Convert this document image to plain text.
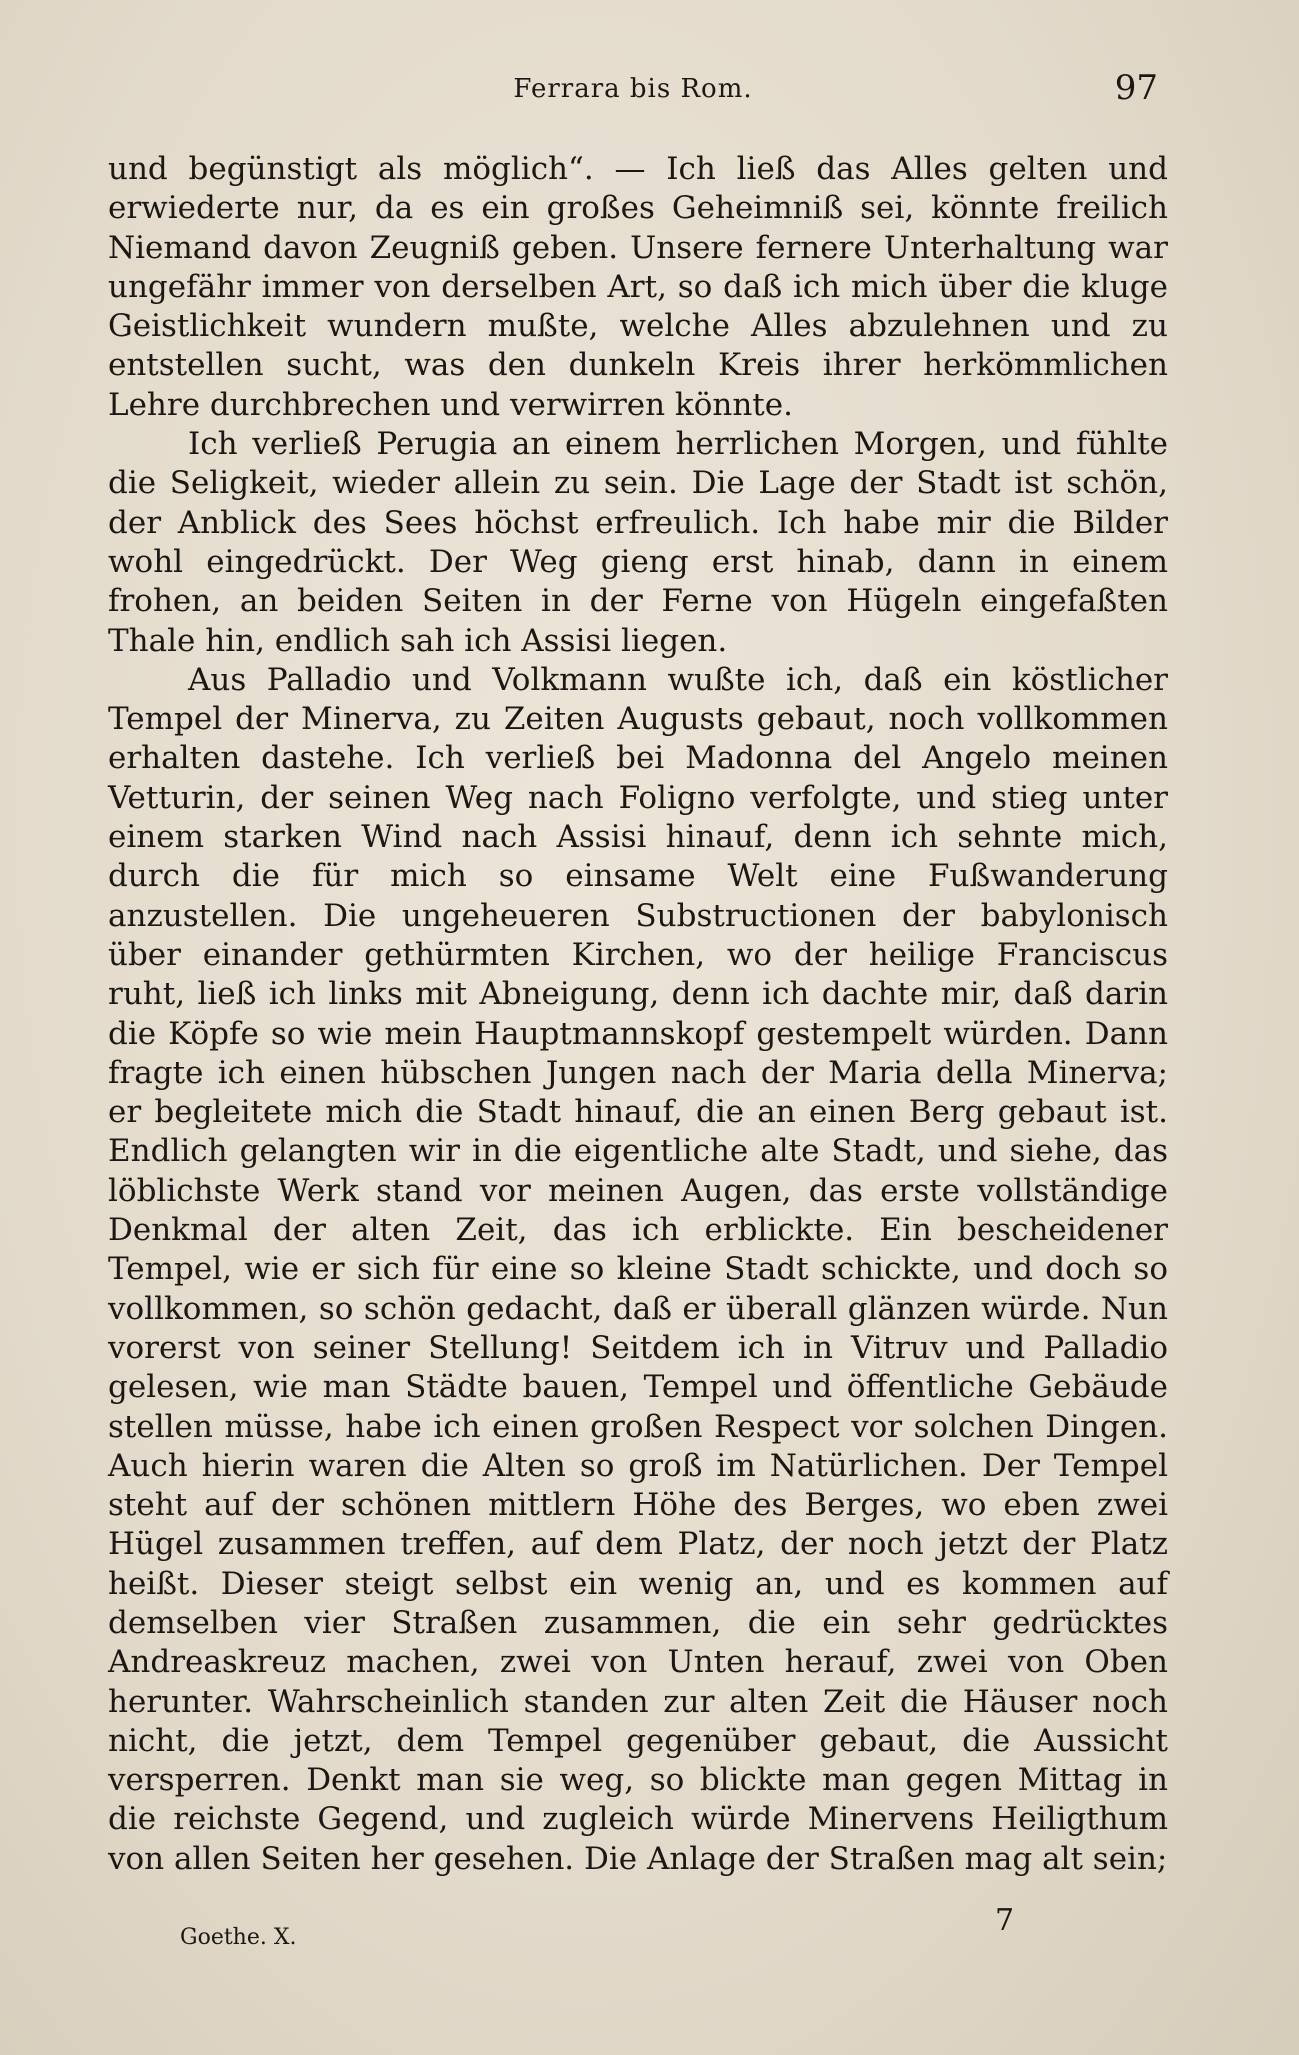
Ferrara bis Rom.	97

und begünstigt als möglich“. — Ich ließ das Alles gelten und erwiederte nur, da es ein großes Geheimniß sei, könnte freilich Niemand davon Zeugniß geben. Unsere fernere Unterhaltung war ungefähr immer von derselben Art, so daß ich mich über die kluge Geistlichkeit wundern mußte, welche Alles abzulehnen und zu entstellen sucht, was den dunkeln Kreis ihrer herkömmlichen Lehre durchbrechen und verwirren könnte.

Ich verließ Perugia an einem herrlichen Morgen, und fühlte die Seligkeit, wieder allein zu sein. Die Lage der Stadt ist schön, der Anblick des Sees höchst erfreulich. Ich habe mir die Bilder wohl eingedrückt. Der Weg gieng erst hinab, dann in einem frohen, an beiden Seiten in der Ferne von Hügeln eingefaßten Thale hin, endlich sah ich Assisi liegen.

Aus Palladio und Volkmann wußte ich, daß ein köstlicher Tempel der Minerva, zu Zeiten Augusts gebaut, noch vollkommen erhalten dastehe. Ich verließ bei Madonna del Angelo meinen Vetturin, der seinen Weg nach Foligno verfolgte, und stieg unter einem starken Wind nach Assisi hinauf, denn ich sehnte mich, durch die für mich so einsame Welt eine Fußwanderung anzustellen. Die ungeheueren Substructionen der babylonisch über einander gethürmten Kirchen, wo der heilige Franciscus ruht, ließ ich links mit Abneigung, denn ich dachte mir, daß darin die Köpfe so wie mein Hauptmannskopf gestempelt würden. Dann fragte ich einen hübschen Jungen nach der Maria della Minerva; er begleitete mich die Stadt hinauf, die an einen Berg gebaut ist. Endlich gelangten wir in die eigentliche alte Stadt, und siehe, das löblichste Werk stand vor meinen Augen, das erste vollständige Denkmal der alten Zeit, das ich erblickte. Ein bescheidener Tempel, wie er sich für eine so kleine Stadt schickte, und doch so vollkommen, so schön gedacht, daß er überall glänzen würde. Nun vorerst von seiner Stellung! Seitdem ich in Vitruv und Palladio gelesen, wie man Städte bauen, Tempel und öffentliche Gebäude stellen müsse, habe ich einen großen Respect vor solchen Dingen. Auch hierin waren die Alten so groß im Natürlichen. Der Tempel steht auf der schönen mittlern Höhe des Berges, wo eben zwei Hügel zusammen treffen, auf dem Platz, der noch jetzt der Platz heißt. Dieser steigt selbst ein wenig an, und es kommen auf demselben vier Straßen zusammen, die ein sehr gedrücktes Andreaskreuz machen, zwei von Unten herauf, zwei von Oben herunter. Wahrscheinlich standen zur alten Zeit die Häuser noch nicht, die jetzt, dem Tempel gegenüber gebaut, die Aussicht versperren. Denkt man sie weg, so blickte man gegen Mittag in die reichste Gegend, und zugleich würde Minervens Heiligthum von allen Seiten her gesehen. Die Anlage der Straßen mag alt sein;

Goethe. X.	7
